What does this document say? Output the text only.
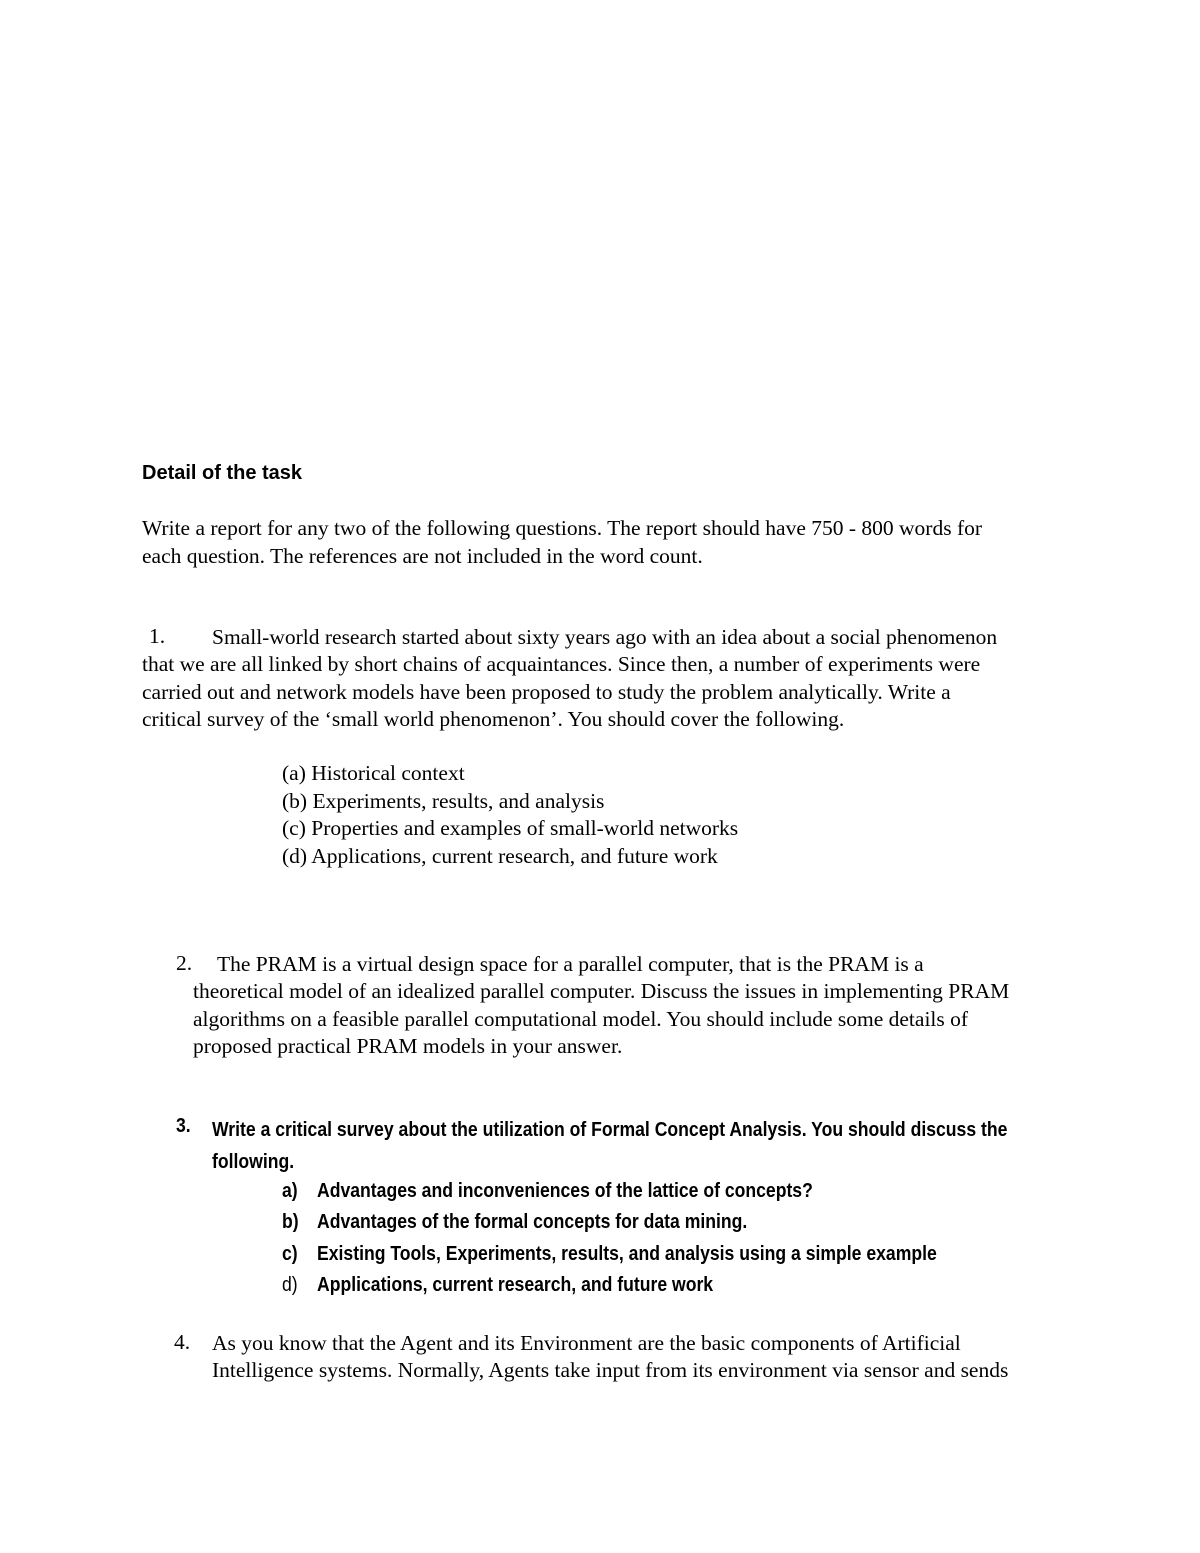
Detail of the task
Write a report for any two of the following questions. The report should have 750 - 800 words for
each question. The references are not included in the word count.
1. Small-world research started about sixty years ago with an idea about a social phenomenon
that we are all linked by short chains of acquaintances. Since then, a number of experiments were
carried out and network models have been proposed to study the problem analytically. Write a
critical survey of the ‘small world phenomenon’. You should cover the following.
(a) Historical context
(b) Experiments, results, and analysis
(c) Properties and examples of small-world networks
(d) Applications, current research, and future work
2. The PRAM is a virtual design space for a parallel computer, that is the PRAM is a
theoretical model of an idealized parallel computer. Discuss the issues in implementing PRAM
algorithms on a feasible parallel computational model. You should include some details of
proposed practical PRAM models in your answer.
3. Write a critical survey about the utilization of Formal Concept Analysis. You should discuss the
following.
a) Advantages and inconveniences of the lattice of concepts?
b) Advantages of the formal concepts for data mining.
c) Existing Tools, Experiments, results, and analysis using a simple example
d) Applications, current research, and future work
4. As you know that the Agent and its Environment are the basic components of Artificial
Intelligence systems. Normally, Agents take input from its environment via sensor and sends
